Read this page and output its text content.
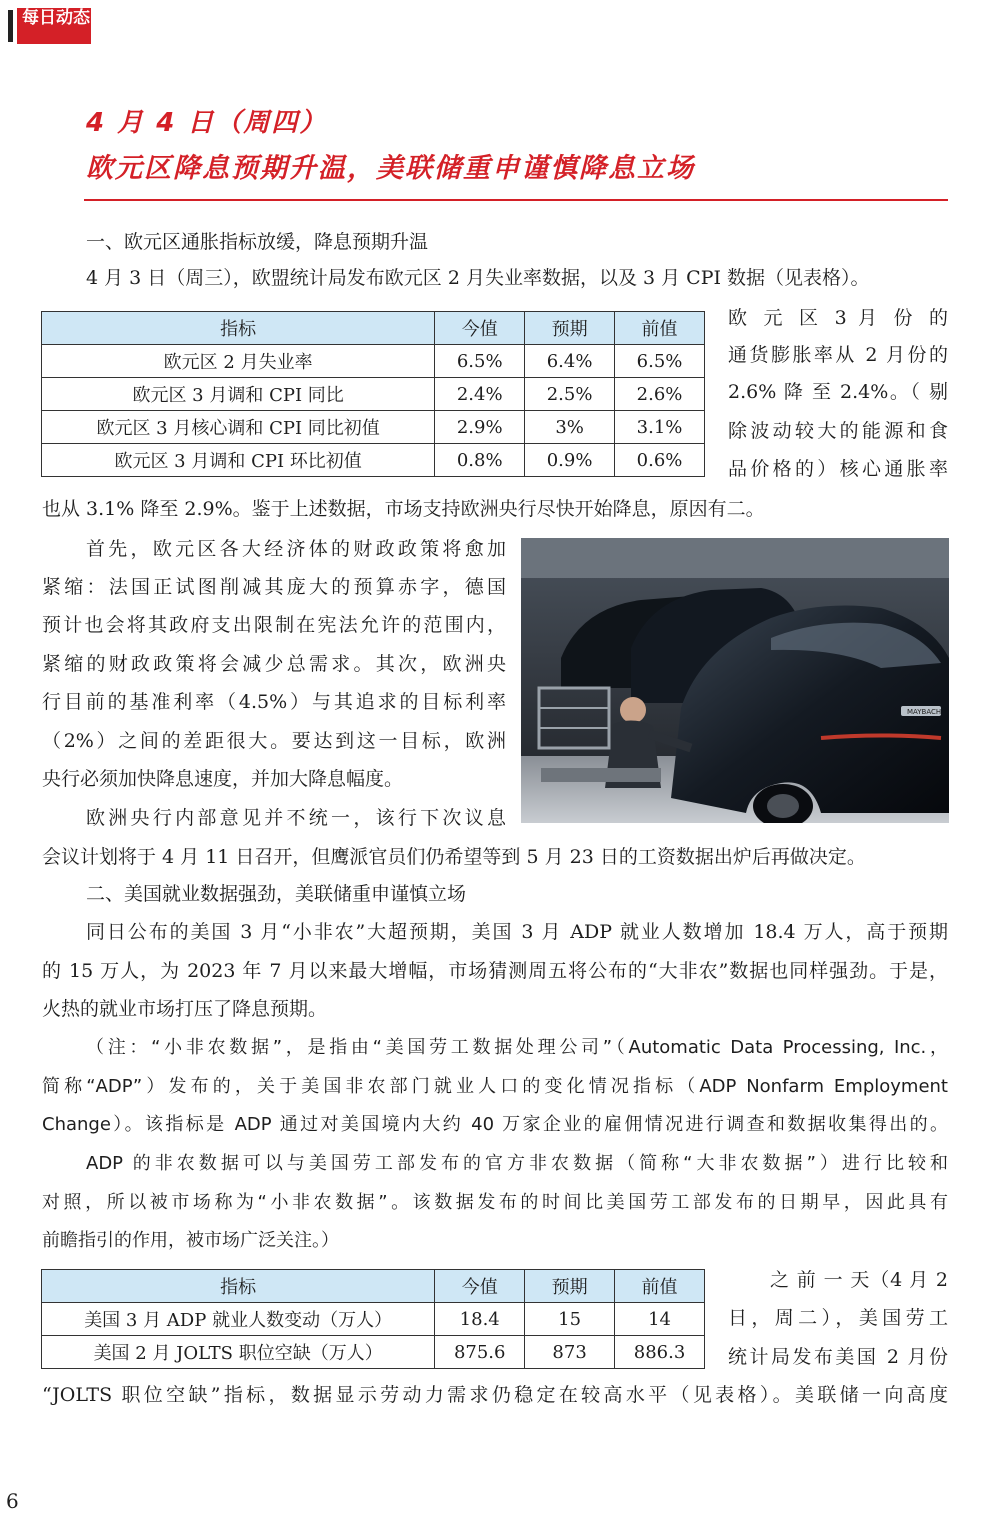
每日动态
4 月 4 日（周四）
欧元区降息预期升温，美联储重申谨慎降息立场
一、欧元区通胀指标放缓，降息预期升温
4 月 3 日（周三），欧盟统计局发布欧元区 2 月失业率数据，以及 3 月 CPI 数据（见表格）。
指标	今值	预期	前值
欧元区 2 月失业率	6.5%	6.4%	6.5%
欧元区 3 月调和 CPI 同比	2.4%	2.5%	2.6%
欧元区 3 月核心调和 CPI 同比初值	2.9%	3%	3.1%
欧元区 3 月调和 CPI 环比初值	0.8%	0.9%	0.6%
欧 元 区 3 月 份 的
通货膨胀率从 2 月份的
2.6% 降 至 2.4%。（ 剔
除波动较大的能源和食
品价格的）核心通胀率
也从 3.1% 降至 2.9%。鉴于上述数据，市场支持欧洲央行尽快开始降息，原因有二。
首先，欧元区各大经济体的财政政策将愈加
紧缩：法国正试图削减其庞大的预算赤字，德国
预计也会将其政府支出限制在宪法允许的范围内，
紧缩的财政政策将会减少总需求。其次，欧洲央
行目前的基准利率（4.5%）与其追求的目标利率
（2%）之间的差距很大。要达到这一目标，欧洲
央行必须加快降息速度，并加大降息幅度。
欧洲央行内部意见并不统一，该行下次议息
会议计划将于 4 月 11 日召开，但鹰派官员们仍希望等到 5 月 23 日的工资数据出炉后再做决定。
MAYBACH
二、美国就业数据强劲，美联储重申谨慎立场
同日公布的美国 3 月“小非农”大超预期，美国 3 月 ADP 就业人数增加 18.4 万人，高于预期
的 15 万人，为 2023 年 7 月以来最大增幅，市场猜测周五将公布的“大非农”数据也同样强劲。于是，
火热的就业市场打压了降息预期。
（注：“小非农数据”，是指由“美国劳工数据处理公司”（Automatic Data Processing, Inc.，
简称“ADP”）发布的，关于美国非农部门就业人口的变化情况指标（ADP Nonfarm Employment
Change）。该指标是 ADP 通过对美国境内大约 40 万家企业的雇佣情况进行调查和数据收集得出的。
ADP 的非农数据可以与美国劳工部发布的官方非农数据（简称“大非农数据”）进行比较和
对照，所以被市场称为“小非农数据”。该数据发布的时间比美国劳工部发布的日期早，因此具有
前瞻指引的作用，被市场广泛关注。）
指标	今值	预期	前值
美国 3 月 ADP 就业人数变动（万人）	18.4	15	14
美国 2 月 JOLTS 职位空缺（万人）	875.6	873	886.3
之 前 一 天（4 月 2
日，周二），美国劳工
统计局发布美国 2 月份
“JOLTS 职位空缺”指标，数据显示劳动力需求仍稳定在较高水平（见表格）。美联储一向高度
6
